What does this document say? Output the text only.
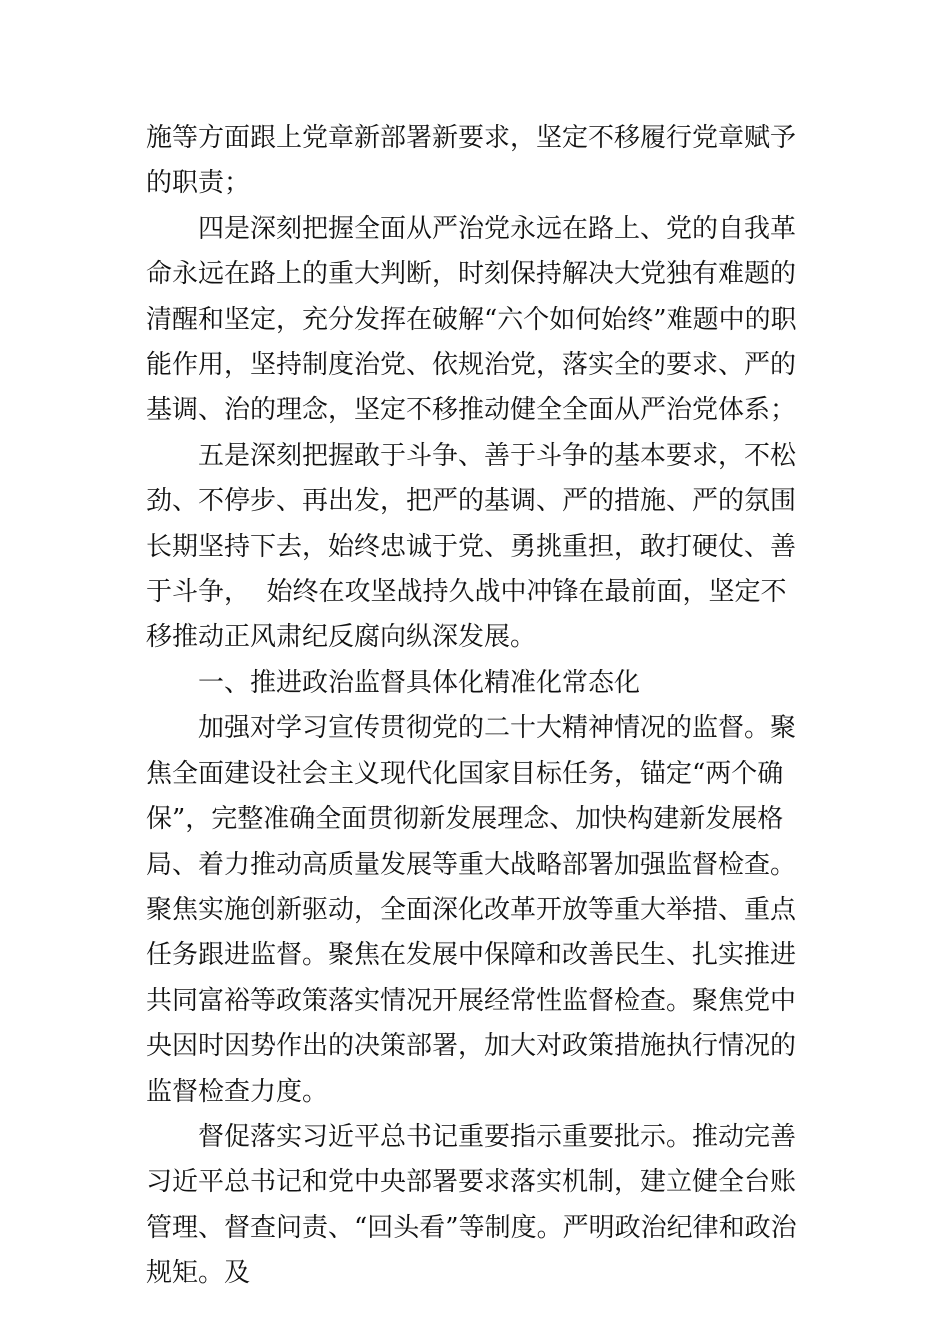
施等方面跟上党章新部署新要求，坚定不移履行党章赋予的职责；

四是深刻把握全面从严治党永远在路上、党的自我革命永远在路上的重大判断，时刻保持解决大党独有难题的清醒和坚定，充分发挥在破解“六个如何始终”难题中的职能作用，坚持制度治党、依规治党，落实全的要求、严的基调、治的理念，坚定不移推动健全全面从严治党体系；

五是深刻把握敢于斗争、善于斗争的基本要求，不松劲、不停步、再出发，把严的基调、严的措施、严的氛围长期坚持下去，始终忠诚于党、勇挑重担，敢打硬仗、善于斗争，  始终在攻坚战持久战中冲锋在最前面，坚定不移推动正风肃纪反腐向纵深发展。

一、推进政治监督具体化精准化常态化

加强对学习宣传贯彻党的二十大精神情况的监督。聚焦全面建设社会主义现代化国家目标任务，锚定“两个确保”，完整准确全面贯彻新发展理念、加快构建新发展格局、着力推动高质量发展等重大战略部署加强监督检查。聚焦实施创新驱动，全面深化改革开放等重大举措、重点任务跟进监督。聚焦在发展中保障和改善民生、扎实推进共同富裕等政策落实情况开展经常性监督检查。聚焦党中央因时因势作出的决策部署，加大对政策措施执行情况的监督检查力度。

督促落实习近平总书记重要指示重要批示。推动完善习近平总书记和党中央部署要求落实机制，建立健全台账管理、督查问责、“回头看”等制度。严明政治纪律和政治规矩。及
